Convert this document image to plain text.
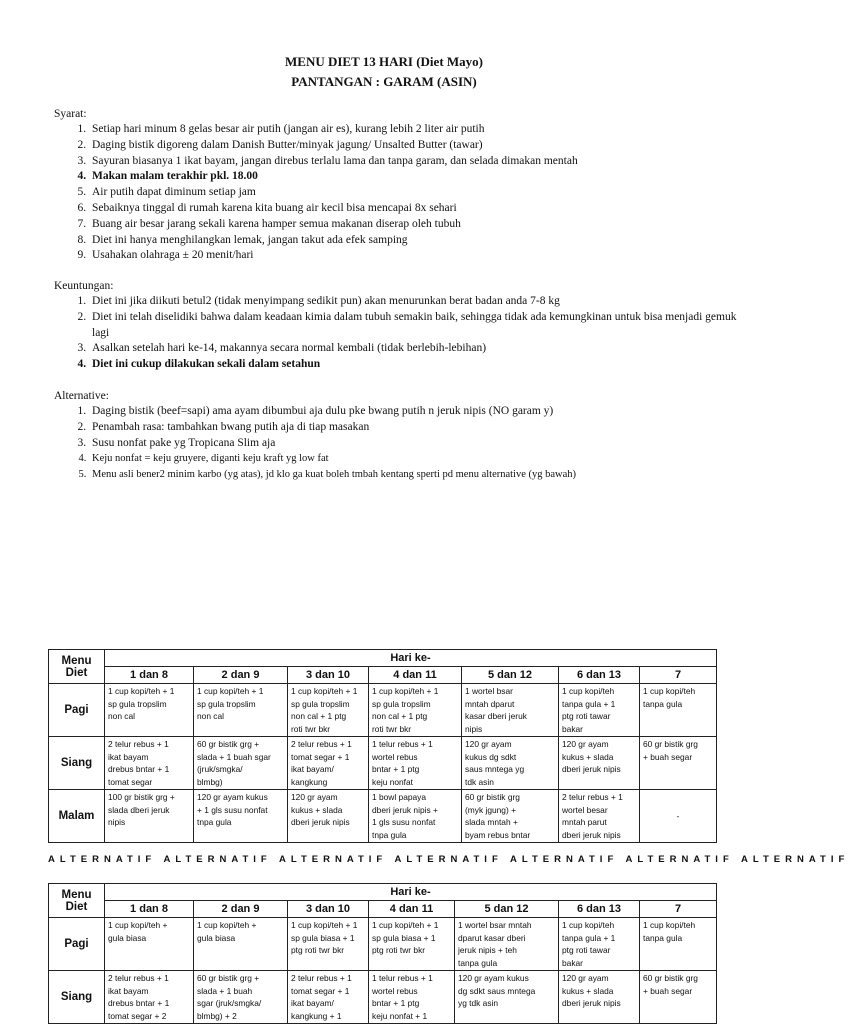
MENU DIET 13 HARI (Diet Mayo)
PANTANGAN : GARAM (ASIN)
Syarat:
1. Setiap hari minum 8 gelas besar air putih (jangan air es), kurang lebih 2 liter air putih
2. Daging bistik digoreng dalam Danish Butter/minyak jagung/ Unsalted Butter (tawar)
3. Sayuran biasanya 1 ikat bayam, jangan direbus terlalu lama dan tanpa garam, dan selada dimakan mentah
4. Makan malam terakhir pkl. 18.00
5. Air putih dapat diminum setiap jam
6. Sebaiknya tinggal di rumah karena kita buang air kecil bisa mencapai 8x sehari
7. Buang air besar jarang sekali karena hamper semua makanan diserap oleh tubuh
8. Diet ini hanya menghilangkan lemak, jangan takut ada efek samping
9. Usahakan olahraga ± 20 menit/hari
Keuntungan:
1. Diet ini jika diikuti betul2 (tidak menyimpang sedikit pun) akan menurunkan berat badan anda 7-8 kg
2. Diet ini telah diselidiki bahwa dalam keadaan kimia dalam tubuh semakin baik, sehingga tidak ada kemungkinan untuk bisa menjadi gemuk lagi
3. Asalkan setelah hari ke-14, makannya secara normal kembali (tidak berlebih-lebihan)
4. Diet ini cukup dilakukan sekali dalam setahun
Alternative:
1. Daging bistik (beef=sapi) ama ayam dibumbui aja dulu pke bwang putih n jeruk nipis (NO garam y)
2. Penambah rasa: tambahkan bwang putih aja di tiap masakan
3. Susu nonfat pake yg Tropicana Slim aja
4. Keju nonfat = keju gruyere, diganti keju kraft yg low fat
5. Menu asli bener2 minim karbo (yg atas), jd klo ga kuat boleh tmbah kentang sperti pd menu alternative (yg bawah)
Menu
Diet	Hari ke-						
	1 dan 8	2 dan 9	3 dan 10	4 dan 11	5 dan 12	6 dan 13	7
Pagi	1 cup kopi/teh + 1
sp gula tropslim
non cal	1 cup kopi/teh + 1
sp gula tropslim
non cal	1 cup kopi/teh + 1
sp gula tropslim
non cal + 1 ptg
roti twr bkr	1 cup kopi/teh + 1
sp gula tropslim
non cal + 1 ptg
roti twr bkr	1 wortel bsar
mntah dparut
kasar dberi jeruk
nipis	1 cup kopi/teh
tanpa gula + 1
ptg roti tawar
bakar	1 cup kopi/teh
tanpa gula
Siang	2 telur rebus + 1
ikat bayam
drebus bntar + 1
tomat segar	60 gr bistik grg +
slada + 1 buah sgar
(jruk/smgka/
blmbg)	2 telur rebus + 1
tomat segar + 1
ikat bayam/
kangkung	1 telur rebus + 1
wortel rebus
bntar + 1 ptg
keju nonfat	120 gr ayam
kukus dg sdkt
saus mntega yg
tdk asin	120 gr ayam
kukus + slada
dberi jeruk nipis	60 gr bistik grg
+ buah segar
Malam	100 gr bistik grg +
slada dberi jeruk
nipis	120 gr ayam kukus
+ 1 gls susu nonfat
tnpa gula	120 gr ayam
kukus + slada
dberi jeruk nipis	1 bowl papaya
dberi jeruk nipis +
1 gls susu nonfat
tnpa gula	60 gr bistik grg
(myk jgung) +
slada mntah +
byam rebus bntar	2 telur rebus + 1
wortel besar
mntah parut
dberi jeruk nipis	-
ALTERNATIF ALTERNATIF ALTERNATIF ALTERNATIF ALTERNATIF ALTERNATIF ALTERNATIF
Menu
Diet	Hari ke-						
	1 dan 8	2 dan 9	3 dan 10	4 dan 11	5 dan 12	6 dan 13	7
Pagi	1 cup kopi/teh +
gula biasa	1 cup kopi/teh +
gula biasa	1 cup kopi/teh + 1
sp gula biasa + 1
ptg roti twr bkr	1 cup kopi/teh + 1
sp gula biasa + 1
ptg roti twr bkr	1 wortel bsar mntah
dparut kasar dberi
jeruk nipis + teh
tanpa gula	1 cup kopi/teh
tanpa gula + 1
ptg roti tawar
bakar	1 cup kopi/teh
tanpa gula
Siang	2 telur rebus + 1
ikat bayam
drebus bntar + 1
tomat segar + 2	60 gr bistik grg +
slada + 1 buah
sgar (jruk/smgka/
blmbg) + 2	2 telur rebus + 1
tomat segar + 1
ikat bayam/
kangkung + 1	1 telur rebus + 1
wortel rebus
bntar + 1 ptg
keju nonfat + 1	120 gr ayam kukus
dg sdkt saus mntega
yg tdk asin	120 gr ayam
kukus + slada
dberi jeruk nipis	60 gr bistik grg
+ buah segar
